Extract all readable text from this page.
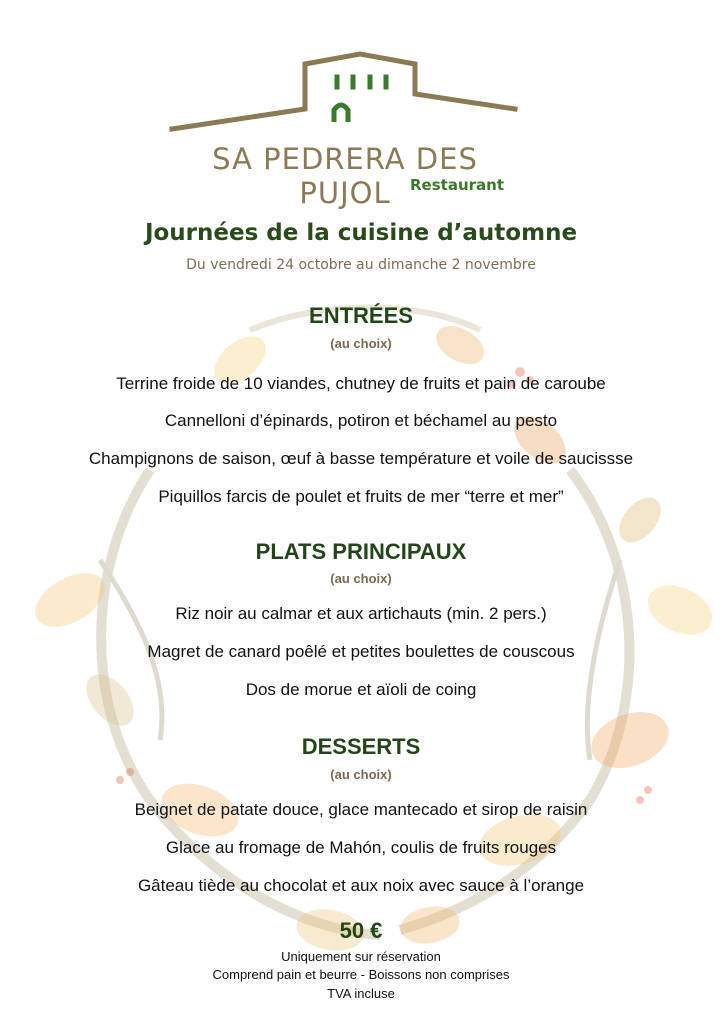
SA PEDRERA DES PUJOL	Restaurant
Journées de la cuisine d’automne
Du vendredi 24 octobre au dimanche 2 novembre
ENTRÉES
(au choix)
Terrine froide de 10 viandes, chutney de fruits et pain de caroube
Cannelloni d’épinards, potiron et béchamel au pesto
Champignons de saison, œuf à basse température et voile de saucissse
Piquillos farcis de poulet et fruits de mer “terre et mer”
PLATS PRINCIPAUX
(au choix)
Riz noir au calmar et aux artichauts (min. 2 pers.)
Magret de canard poêlé et petites boulettes de couscous
Dos de morue et aïoli de coing
DESSERTS
(au choix)
Beignet de patate douce, glace mantecado et sirop de raisin
Glace au fromage de Mahón, coulis de fruits rouges
Gâteau tiède au chocolat et aux noix avec sauce à l’orange
50 €
Uniquement sur réservation
Comprend pain et beurre - Boissons non comprises
TVA incluse
